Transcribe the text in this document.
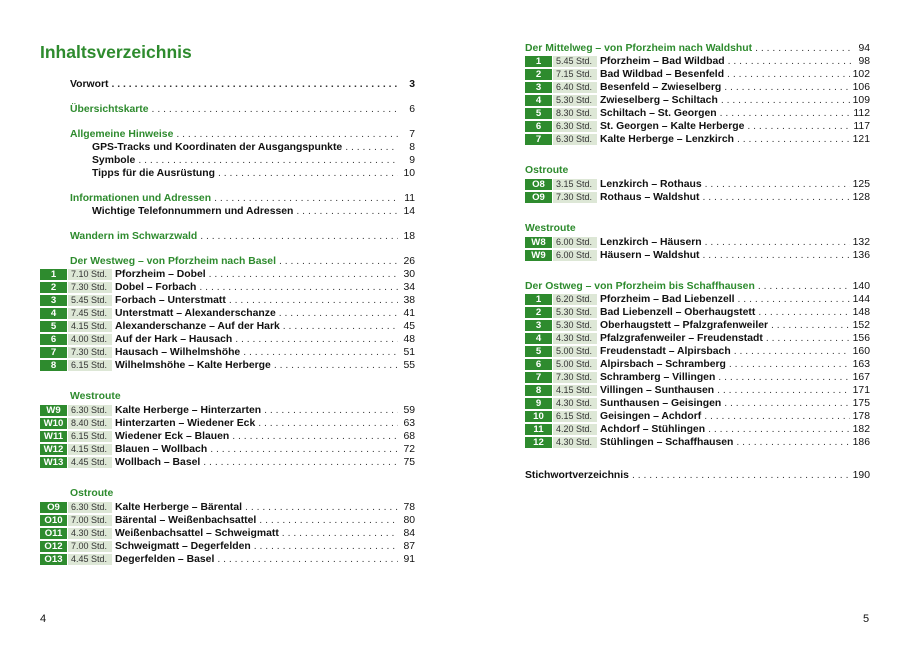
Inhaltsverzeichnis
Vorwort . . .	3
Übersichtskarte . . .	6
Allgemeine Hinweise . . .	7
GPS-Tracks und Koordinaten der Ausgangspunkte . . .	8
Symbole . . .	9
Tipps für die Ausrüstung . . .	10
Informationen und Adressen . . .	11
Wichtige Telefonnummern und Adressen . . .	14
Wandern im Schwarzwald . . .	18
Der Westweg – von Pforzheim nach Basel . . .	26
1	7.10 Std. Pforzheim – Dobel . . .	30
2	7.30 Std. Dobel – Forbach . . .	34
3	5.45 Std. Forbach – Unterstmatt . . .	38
4	7.45 Std. Unterstmatt – Alexanderschanze . . .	41
5	4.15 Std. Alexanderschanze – Auf der Hark . . .	45
6	4.00 Std. Auf der Hark – Hausach . . .	48
7	7.30 Std. Hausach – Wilhelmshöhe . . .	51
8	6.15 Std. Wilhelmshöhe – Kalte Herberge . . .	55
Westroute
W9	6.30 Std. Kalte Herberge – Hinterzarten . . .	59
W10 8.40 Std. Hinterzarten – Wiedener Eck . . .	63
W11 6.15 Std. Wiedener Eck – Blauen . . .	68
W12 4.15 Std. Blauen – Wollbach . . .	72
W13 4.45 Std. Wollbach – Basel . . .	75
Ostroute
O9	6.30 Std. Kalte Herberge – Bärental . . .	78
O10 7.00 Std. Bärental – Weißenbachsattel . . .	80
O11 4.30 Std. Weißenbachsattel – Schweigmatt . . .	84
O12 7.00 Std. Schweigmatt – Degerfelden . . .	87
O13 4.45 Std. Degerfelden – Basel . . .	91
4
Der Mittelweg – von Pforzheim nach Waldshut . . .	94
1	5.45 Std. Pforzheim – Bad Wildbad . . .	98
2	7.15 Std. Bad Wildbad – Besenfeld . . .	102
3	6.40 Std. Besenfeld – Zwieselberg . . .	106
4	5.30 Std. Zwieselberg – Schiltach . . .	109
5	8.30 Std. Schiltach – St. Georgen . . .	112
6	6.30 Std. St. Georgen – Kalte Herberge . . .	117
7	6.30 Std. Kalte Herberge – Lenzkirch . . .	121
Ostroute
O8	3.15 Std. Lenzkirch – Rothaus . . .	125
O9	7.30 Std. Rothaus – Waldshut . . .	128
Westroute
W8	6.00 Std. Lenzkirch – Häusern . . .	132
W9	6.00 Std. Häusern – Waldshut . . .	136
Der Ostweg – von Pforzheim bis Schaffhausen . . .	140
1	6.20 Std. Pforzheim – Bad Liebenzell . . .	144
2	5.30 Std. Bad Liebenzell – Oberhaugstett . . .	148
3	5.30 Std. Oberhaugstett – Pfalzgrafenweiler . . .	152
4	4.30 Std. Pfalzgrafenweiler – Freudenstadt . . .	156
5	5.00 Std. Freudenstadt – Alpirsbach . . .	160
6	5.00 Std. Alpirsbach – Schramberg . . .	163
7	7.30 Std. Schramberg – Villingen . . .	167
8	4.15 Std. Villingen – Sunthausen . . .	171
9	4.30 Std. Sunthausen – Geisingen . . .	175
10	6.15 Std. Geisingen – Achdorf . . .	178
11	4.20 Std. Achdorf – Stühlingen . . .	182
12	4.30 Std. Stühlingen – Schaffhausen . . .	186
Stichwortverzeichnis . . .	190
5
